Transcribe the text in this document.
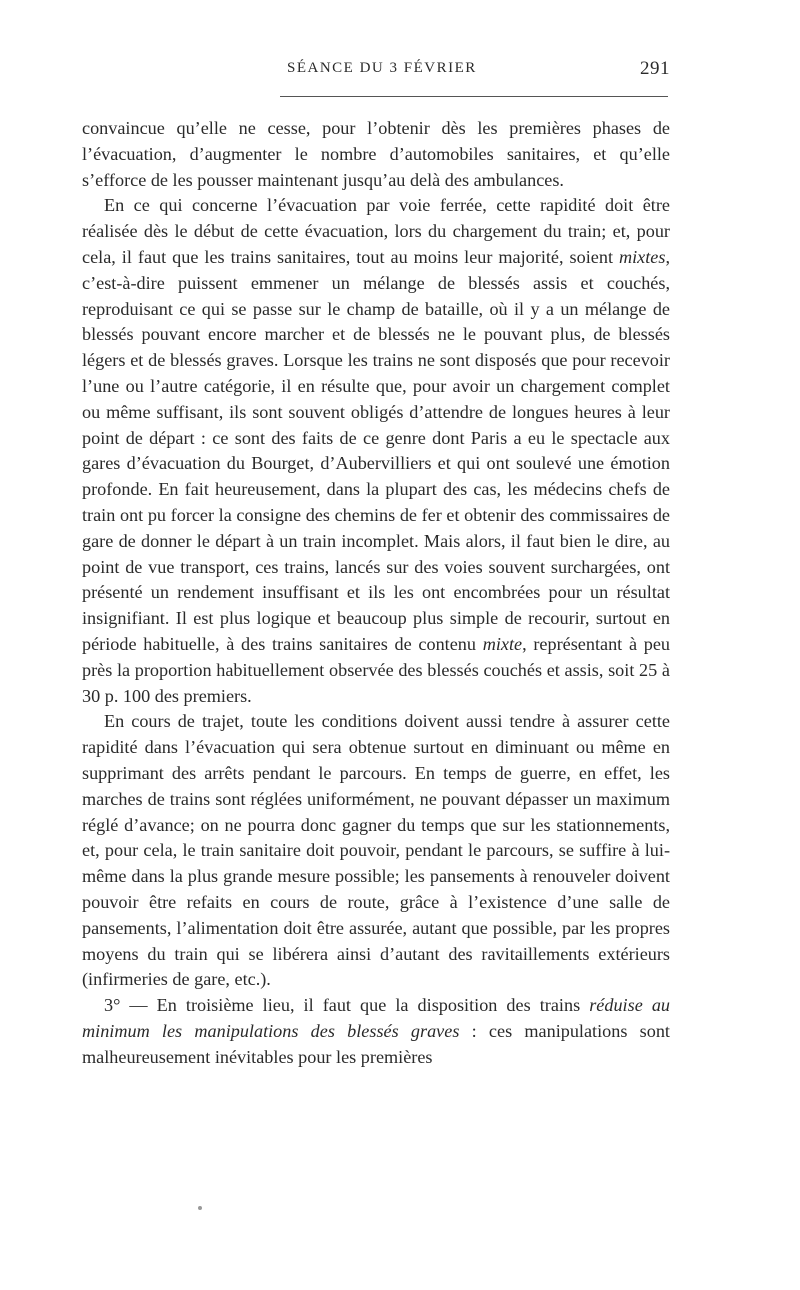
SÉANCE DU 3 FÉVRIER	291

convaincue qu’elle ne cesse, pour l’obtenir dès les premières phases de l’évacuation, d’augmenter le nombre d’automobiles sanitaires, et qu’elle s’efforce de les pousser maintenant jusqu’au delà des ambulances.

En ce qui concerne l’évacuation par voie ferrée, cette rapidité doit être réalisée dès le début de cette évacuation, lors du chargement du train; et, pour cela, il faut que les trains sanitaires, tout au moins leur majorité, soient mixtes, c’est-à-dire puissent emmener un mélange de blessés assis et couchés, reproduisant ce qui se passe sur le champ de bataille, où il y a un mélange de blessés pouvant encore marcher et de blessés ne le pouvant plus, de blessés légers et de blessés graves. Lorsque les trains ne sont disposés que pour recevoir l’une ou l’autre catégorie, il en résulte que, pour avoir un chargement complet ou même suffisant, ils sont souvent obligés d’attendre de longues heures à leur point de départ : ce sont des faits de ce genre dont Paris a eu le spectacle aux gares d’évacuation du Bourget, d’Aubervilliers et qui ont soulevé une émotion profonde. En fait heureusement, dans la plupart des cas, les médecins chefs de train ont pu forcer la consigne des chemins de fer et obtenir des commissaires de gare de donner le départ à un train incomplet. Mais alors, il faut bien le dire, au point de vue transport, ces trains, lancés sur des voies souvent surchargées, ont présenté un rendement insuffisant et ils les ont encombrées pour un résultat insignifiant. Il est plus logique et beaucoup plus simple de recourir, surtout en période habituelle, à des trains sanitaires de contenu mixte, représentant à peu près la proportion habituellement observée des blessés couchés et assis, soit 25 à 30 p. 100 des premiers.

En cours de trajet, toute les conditions doivent aussi tendre à assurer cette rapidité dans l’évacuation qui sera obtenue surtout en diminuant ou même en supprimant des arrêts pendant le parcours. En temps de guerre, en effet, les marches de trains sont réglées uniformément, ne pouvant dépasser un maximum réglé d’avance; on ne pourra donc gagner du temps que sur les stationnements, et, pour cela, le train sanitaire doit pouvoir, pendant le parcours, se suffire à lui-même dans la plus grande mesure possible; les pansements à renouveler doivent pouvoir être refaits en cours de route, grâce à l’existence d’une salle de pansements, l’alimentation doit être assurée, autant que possible, par les propres moyens du train qui se libérera ainsi d’autant des ravitaillements extérieurs (infirmeries de gare, etc.).

3° — En troisième lieu, il faut que la disposition des trains réduise au minimum les manipulations des blessés graves : ces manipulations sont malheureusement inévitables pour les premières
